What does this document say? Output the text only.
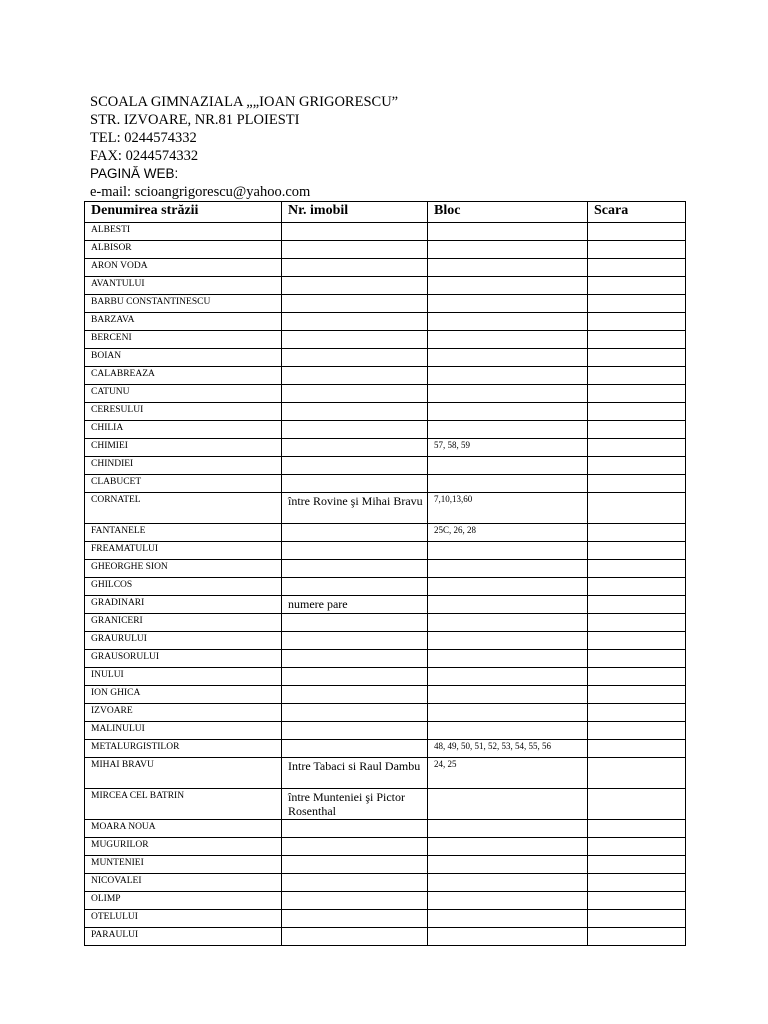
SCOALA GIMNAZIALA „„IOAN GRIGORESCU”
STR. IZVOARE, NR.81 PLOIESTI
TEL: 0244574332
FAX: 0244574332
PAGINĂ WEB:
e-mail: scioangrigorescu@yahoo.com
Denumirea străzii	Nr. imobil	Bloc	Scara
ALBESTI			
ALBISOR			
ARON VODA			
AVANTULUI			
BARBU CONSTANTINESCU			
BARZAVA			
BERCENI			
BOIAN			
CALABREAZA			
CATUNU			
CERESULUI			
CHILIA			
CHIMIEI		57, 58, 59	
CHINDIEI			
CLABUCET			
CORNATEL	între Rovine şi Mihai Bravu	7,10,13,60	
FANTANELE		25C, 26, 28	
FREAMATULUI			
GHEORGHE SION			
GHILCOS			
GRADINARI	numere pare		
GRANICERI			
GRAURULUI			
GRAUSORULUI			
INULUI			
ION GHICA			
IZVOARE			
MALINULUI			
METALURGISTILOR		48, 49, 50, 51, 52, 53, 54, 55, 56	
MIHAI BRAVU	Intre Tabaci si Raul Dambu	24, 25	
MIRCEA CEL BATRIN	între Munteniei şi Pictor Rosenthal		
MOARA NOUA			
MUGURILOR			
MUNTENIEI			
NICOVALEI			
OLIMP			
OTELULUI			
PARAULUI			
